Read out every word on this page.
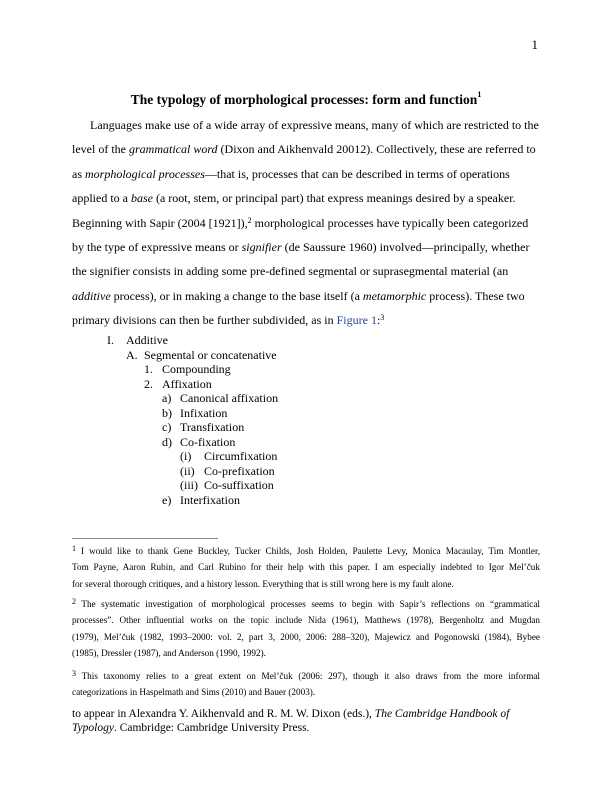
1
The typology of morphological processes: form and function$^1$
Languages make use of a wide array of expressive means, many of which are restricted to the
level of the grammatical word (Dixon and Aikhenvald 20012). Collectively, these are referred to
as morphological processes—that is, processes that can be described in terms of operations
applied to a base (a root, stem, or principal part) that express meanings desired by a speaker.
Beginning with Sapir (2004 [1921]),$^2$ morphological processes have typically been categorized
by the type of expressive means or signifier (de Saussure 1960) involved—principally, whether
the signifier consists in adding some pre-defined segmental or suprasegmental material (an
additive process), or in making a change to the base itself (a metamorphic process). These two
primary divisions can then be further subdivided, as in Figure 1:$^3$
I. Additive
A. Segmental or concatenative
1. Compounding
2. Affixation
a) Canonical affixation
b) Infixation
c) Transfixation
d) Co-fixation
(i) Circumfixation
(ii) Co-prefixation
(iii) Co-suffixation
e) Interfixation
$^1$ I would like to thank Gene Buckley, Tucker Childs, Josh Holden, Paulette Levy, Monica Macaulay, Tim Montler,
Tom Payne, Aaron Rubin, and Carl Rubino for their help with this paper. I am especially indebted to Igor Mel’čuk
for several thorough critiques, and a history lesson. Everything that is still wrong here is my fault alone.
$^2$ The systematic investigation of morphological processes seems to begin with Sapir’s reflections on “grammatical
processes”. Other influential works on the topic include Nida (1961), Matthews (1978), Bergenholtz and Mugdan
(1979), Mel’čuk (1982, 1993–2000: vol. 2, part 3, 2000, 2006: 288–320), Majewicz and Pogonowski (1984), Bybee
(1985), Dressler (1987), and Anderson (1990, 1992).
$^3$ This taxonomy relies to a great extent on Mel’čuk (2006: 297), though it also draws from the more informal
categorizations in Haspelmath and Sims (2010) and Bauer (2003).
to appear in Alexandra Y. Aikhenvald and R. M. W. Dixon (eds.), The Cambridge Handbook of
Typology. Cambridge: Cambridge University Press.
